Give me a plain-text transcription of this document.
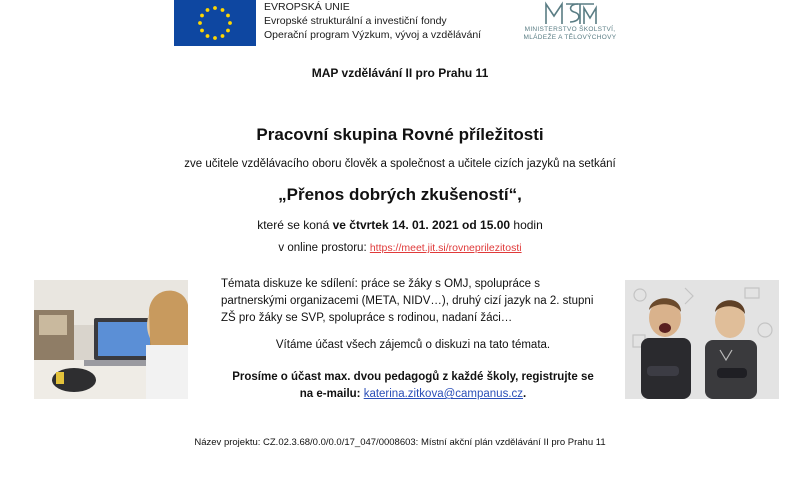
EVROPSKÁ UNIE
Evropské strukturální a investiční fondy
Operační program Výzkum, vývoj a vzdělávání	MINISTERSTVO ŠKOLSTVÍ,
MLÁDEŽE A TĚLOVÝCHOVY
MAP vzdělávání II pro Prahu 11
Pracovní skupina Rovné příležitosti
zve učitele vzdělávacího oboru člověk a společnost a učitele cizích jazyků na setkání
„Přenos dobrých zkušeností“,
které se koná ve čtvrtek 14. 01. 2021 od 15.00 hodin
v online prostoru: https://meet.jit.si/rovneprilezitosti
Témata diskuze ke sdílení: práce se žáky s OMJ, spolupráce s partnerskými organizacemi (META, NIDV…), druhý cizí jazyk na 2. stupni ZŠ pro žáky se SVP, spolupráce s rodinou, nadaní žáci…
Vítáme účast všech zájemců o diskuzi na tato témata.
Prosíme o účast max. dvou pedagogů z každé školy, registrujte se
na e-mailu: katerina.zitkova@campanus.cz.
Název projektu: CZ.02.3.68/0.0/0.0/17_047/0008603: Místní akční plán vzdělávání II pro Prahu 11
